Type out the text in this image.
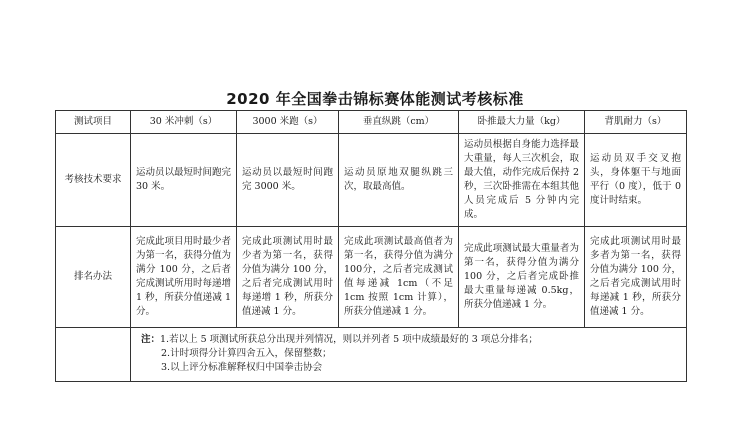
2020 年全国拳击锦标赛体能测试考核标准
测试项目	30 米冲刺（s）	3000 米跑（s）	垂直纵跳（cm）	卧推最大力量（kg）	背肌耐力（s）
考核技术要求	运动员以最短时间跑完 30 米。	运动员以最短时间跑完 3000 米。	运动员原地双腿纵跳三次，取最高值。	运动员根据自身能力选择最大重量，每人三次机会，取最大值，动作完成后保持 2 秒，三次卧推需在本组其他人员完成后 5 分钟内完成。	运动员双手交叉抱头，身体躯干与地面平行（0 度），低于 0 度计时结束。
排名办法	完成此项目用时最少者为第一名，获得分值为满分 100 分，之后者完成测试所用时每递增 1 秒，所获分值递减 1 分。	完成此项测试用时最少者为第一名，获得分值为满分 100 分，之后者完成测试用时每递增 1 秒，所获分值递减 1 分。	完成此项测试最高值者为第一名，获得分值为满分 100分，之后者完成测试值每递减 1cm（不足 1cm 按照 1cm 计算），所获分值递减 1 分。	完成此项测试最大重量者为第一名，获得分值为满分 100 分，之后者完成卧推最大重量每递减 0.5kg，所获分值递减 1 分。	完成此项测试用时最多者为第一名，获得分值为满分 100 分，之后者完成测试用时每递减 1 秒，所获分值递减 1 分。

	注：1.若以上 5 项测试所获总分出现并列情况，则以并列者 5 项中成绩最好的 3 项总分排名；
2.计时项得分计算四舍五入，保留整数；
3.以上评分标准解释权归中国拳击协会				
